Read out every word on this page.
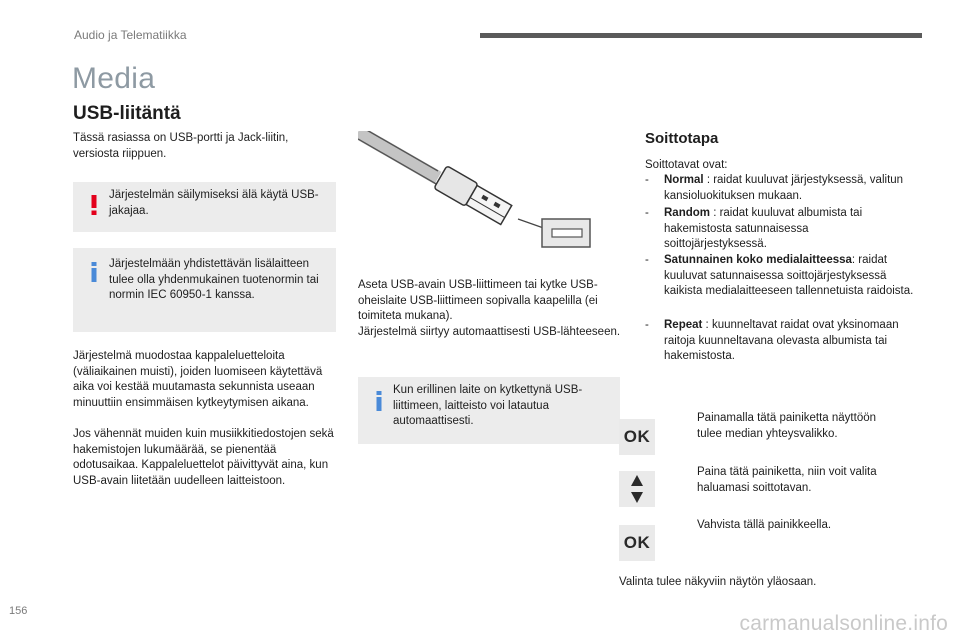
Audio ja Telematiikka
Media
USB-liitäntä
Tässä rasiassa on USB-portti ja Jack-liitin, versiosta riippuen.
Järjestelmän säilymiseksi älä käytä USB-jakajaa.
Järjestelmään yhdistettävän lisälaitteen tulee olla yhdenmukainen tuotenormin tai normin IEC 60950-1 kanssa.
Järjestelmä muodostaa kappaleluetteloita (väliaikainen muisti), joiden luomiseen käytettävä aika voi kestää muutamasta sekunnista useaan minuuttiin ensimmäisen kytkeytymisen aikana.
Jos vähennät muiden kuin musiikkitiedostojen sekä hakemistojen lukumäärää, se pienentää odotusaikaa. Kappaleluettelot päivittyvät aina, kun USB-avain liitetään uudelleen laitteistoon.
Aseta USB-avain USB-liittimeen tai kytke USB-oheislaite USB-liittimeen sopivalla kaapelilla (ei toimiteta mukana).
Järjestelmä siirtyy automaattisesti USB-lähteeseen.
Kun erillinen laite on kytkettynä USB-liittimeen, laitteisto voi latautua automaattisesti.
Soittotapa
Soittotavat ovat:
- Normal : raidat kuuluvat järjestyksessä, valitun kansioluokituksen mukaan.
- Random : raidat kuuluvat albumista tai hakemistosta satunnaisessa soittojärjestyksessä.
- Satunnainen koko medialaitteessa: raidat kuuluvat satunnaisessa soittojärjestyksessä kaikista medialaitteeseen tallennetuista raidoista.
- Repeat : kuunneltavat raidat ovat yksinomaan raitoja kuunneltavana olevasta albumista tai hakemistosta.
OK
Painamalla tätä painiketta näyttöön tulee median yhteysvalikko.
Paina tätä painiketta, niin voit valita haluamasi soittotavan.
OK
Vahvista tällä painikkeella.
Valinta tulee näkyviin näytön yläosaan.
156
carmanualsonline.info
